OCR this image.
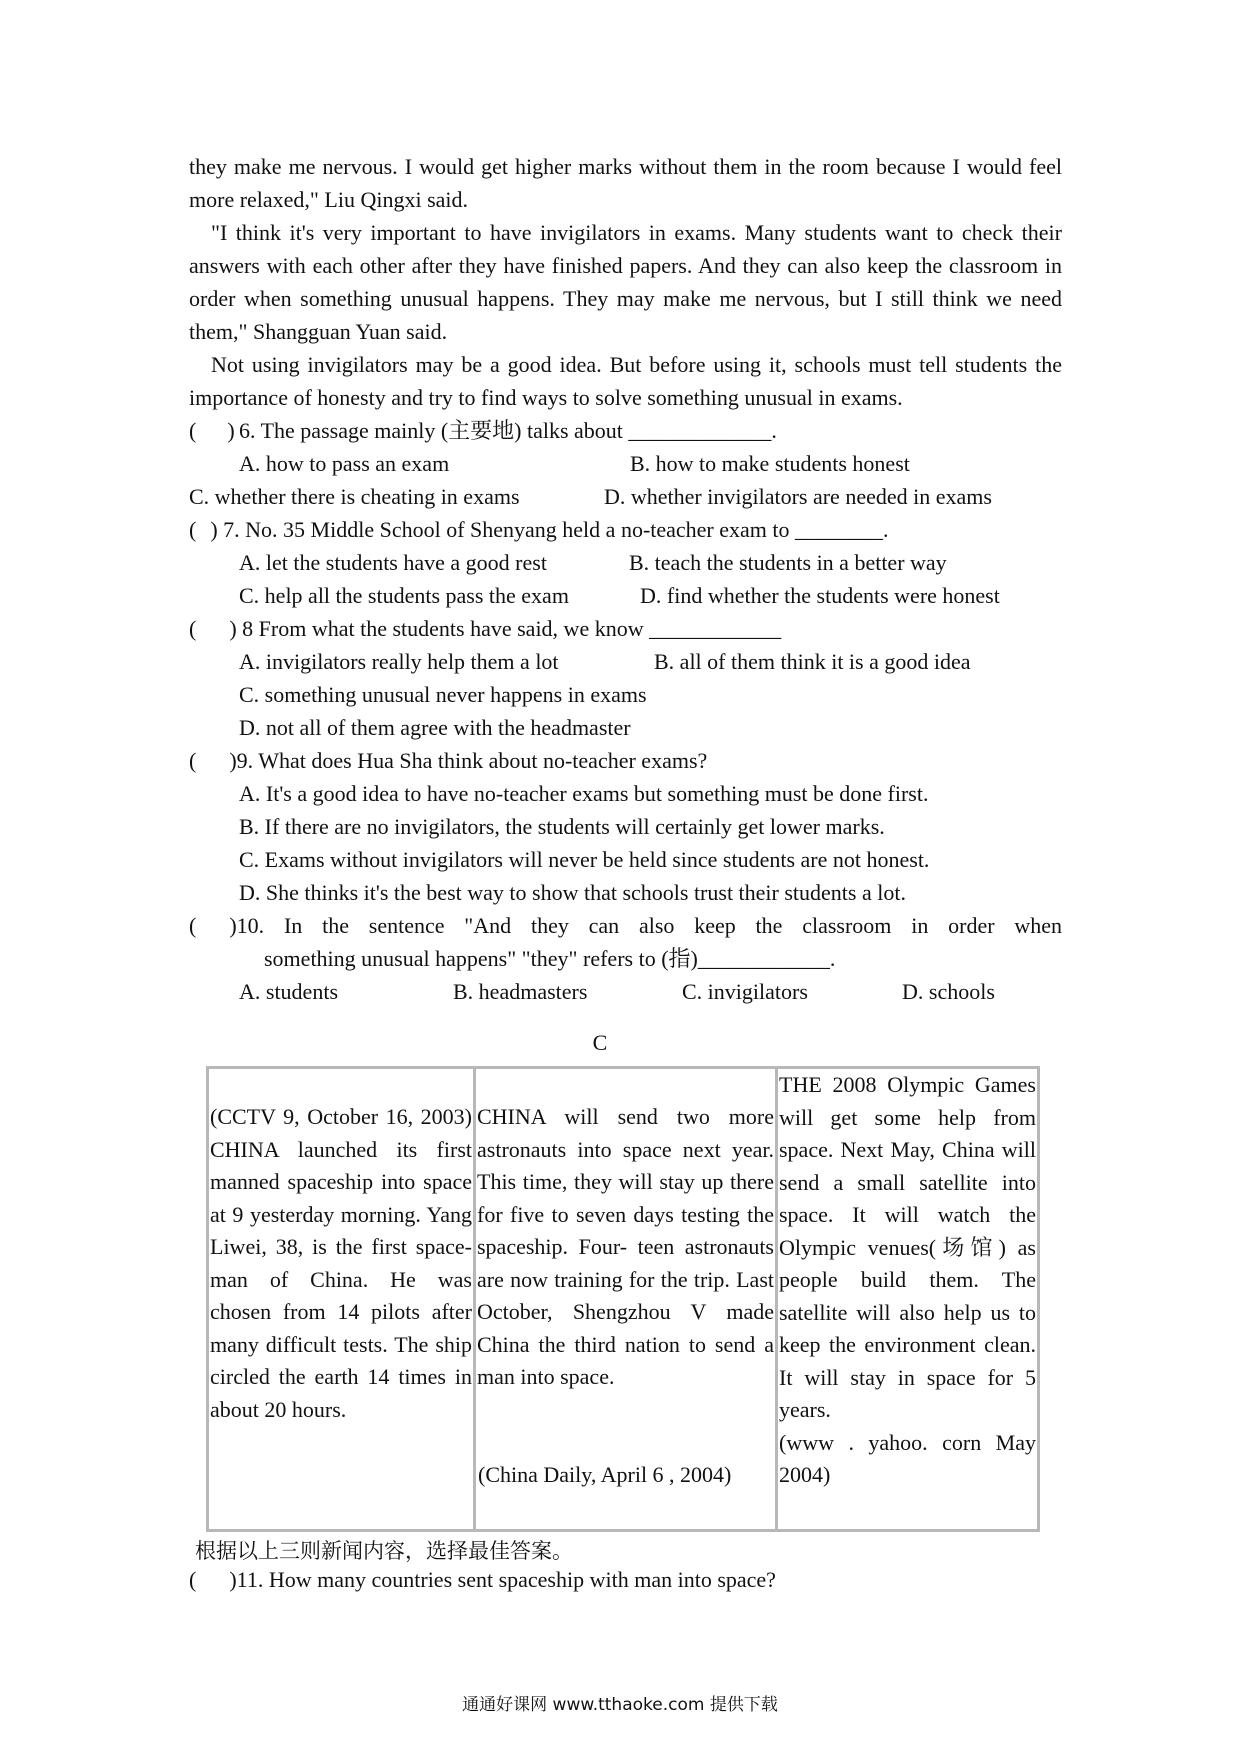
they make me nervous. I would get higher marks without them in the room because I would feel more relaxed," Liu Qingxi said.

"I think it's very important to have invigilators in exams. Many students want to check their answers with each other after they have finished papers. And they can also keep the classroom in order when something unusual happens. They may make me nervous, but I still think we need them," Shangguan Yuan said.

Not using invigilators may be a good idea. But before using it, schools must tell students the importance of honesty and try to find ways to solve something unusual in exams.

( ) 6. The passage mainly (主要地) talks about _____________.

A. how to pass an exam	B. how to make students honest
C. whether there is cheating in exams	D. whether invigilators are needed in exams

( ) 7. No. 35 Middle School of Shenyang held a no-teacher exam to ________.

A. let the students have a good rest	B. teach the students in a better way
C. help all the students pass the exam	D. find whether the students were honest

( ) 8 From what the students have said, we know ____________

A. invigilators really help them a lot	B. all of them think it is a good idea

C. something unusual never happens in exams

D. not all of them agree with the headmaster

( )9. What does Hua Sha think about no-teacher exams?

A. It's a good idea to have no-teacher exams but something must be done first.

B. If there are no invigilators, the students will certainly get lower marks.

C. Exams without invigilators will never be held since students are not honest.

D. She thinks it's the best way to show that schools trust their students a lot.

( )10. In the sentence "And they can also keep the classroom in order when

something unusual happens" "they" refers to (指)____________.

A. students	B. headmasters	C. invigilators	D. schools
C

(CCTV 9, October 16, 2003) CHINA launched its first manned spaceship into space at 9 yesterday morning. Yang Liwei, 38, is the first space- man of China. He was chosen from 14 pilots after many difficult tests. The ship circled the earth 14 times in about 20 hours.

CHINA will send two more astronauts into space next year. This time, they will stay up there for five to seven days testing the spaceship. Four- teen astronauts are now training for the trip. Last October, Shengzhou V made China the third nation to send a man into space.

(China Daily, April 6 , 2004)

THE 2008 Olympic Games will get some help from space. Next May, China will send a small satellite into space. It will watch the Olympic venues(场馆) as people build them. The satellite will also help us to keep the environment clean. It will stay in space for 5 years.

(www . yahoo. corn May 2004)

根据以上三则新闻内容，选择最佳答案。
( )11. How many countries sent spaceship with man into space?
通通好课网 www.tthaoke.com 提供下载
